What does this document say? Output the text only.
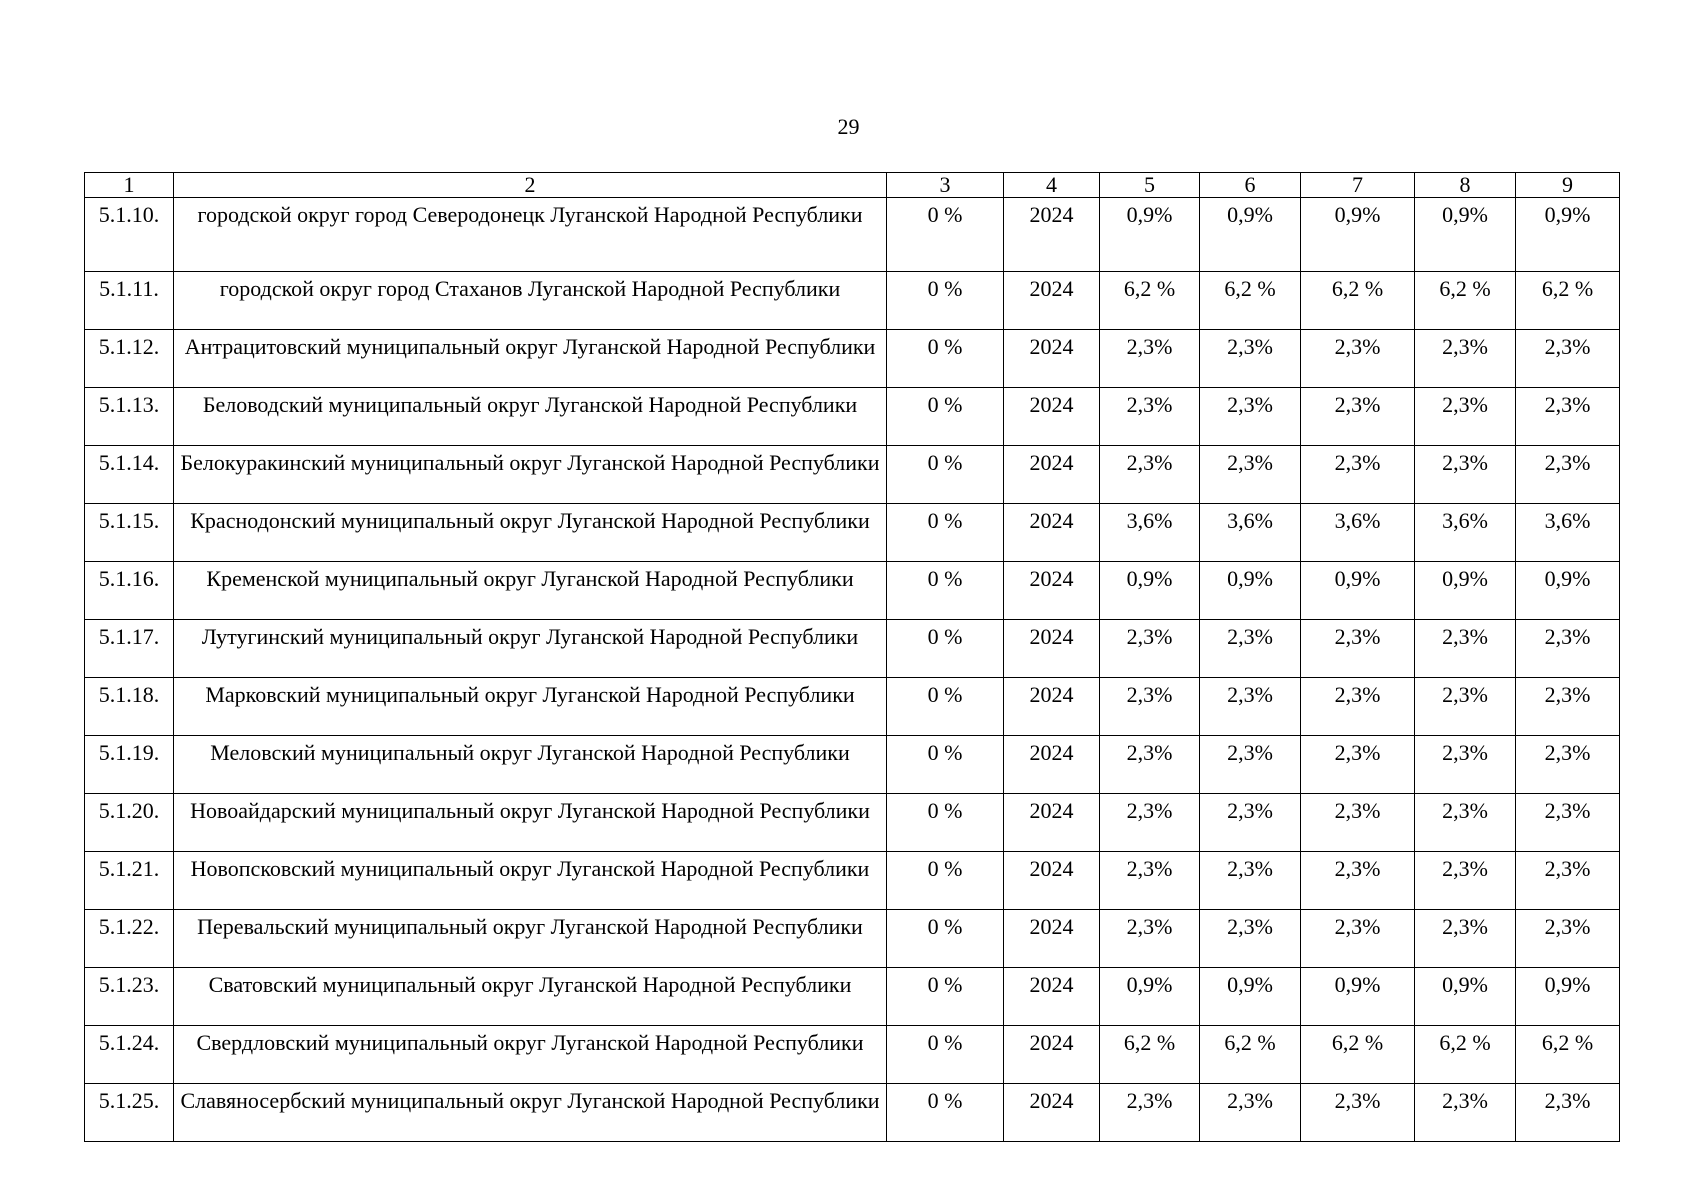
29
1	2	3	4	5	6	7	8	9
5.1.10.	городской округ город Северодонецк Луганской Народной Республики	0 %	2024	0,9%	0,9%	0,9%	0,9%	0,9%
5.1.11.	городской округ город Стаханов Луганской Народной Республики	0 %	2024	6,2 %	6,2 %	6,2 %	6,2 %	6,2 %
5.1.12.	Антрацитовский муниципальный округ Луганской Народной Республики	0 %	2024	2,3%	2,3%	2,3%	2,3%	2,3%
5.1.13.	Беловодский муниципальный округ Луганской Народной Республики	0 %	2024	2,3%	2,3%	2,3%	2,3%	2,3%
5.1.14.	Белокуракинский муниципальный округ Луганской Народной Республики	0 %	2024	2,3%	2,3%	2,3%	2,3%	2,3%
5.1.15.	Краснодонский муниципальный округ Луганской Народной Республики	0 %	2024	3,6%	3,6%	3,6%	3,6%	3,6%
5.1.16.	Кременской муниципальный округ Луганской Народной Республики	0 %	2024	0,9%	0,9%	0,9%	0,9%	0,9%
5.1.17.	Лутугинский муниципальный округ Луганской Народной Республики	0 %	2024	2,3%	2,3%	2,3%	2,3%	2,3%
5.1.18.	Марковский муниципальный округ Луганской Народной Республики	0 %	2024	2,3%	2,3%	2,3%	2,3%	2,3%
5.1.19.	Меловский муниципальный округ Луганской Народной Республики	0 %	2024	2,3%	2,3%	2,3%	2,3%	2,3%
5.1.20.	Новоайдарский муниципальный округ Луганской Народной Республики	0 %	2024	2,3%	2,3%	2,3%	2,3%	2,3%
5.1.21.	Новопсковский муниципальный округ Луганской Народной Республики	0 %	2024	2,3%	2,3%	2,3%	2,3%	2,3%
5.1.22.	Перевальский муниципальный округ Луганской Народной Республики	0 %	2024	2,3%	2,3%	2,3%	2,3%	2,3%
5.1.23.	Сватовский муниципальный округ Луганской Народной Республики	0 %	2024	0,9%	0,9%	0,9%	0,9%	0,9%
5.1.24.	Свердловский муниципальный округ Луганской Народной Республики	0 %	2024	6,2 %	6,2 %	6,2 %	6,2 %	6,2 %
5.1.25.	Славяносербский муниципальный округ Луганской Народной Республики	0 %	2024	2,3%	2,3%	2,3%	2,3%	2,3%
